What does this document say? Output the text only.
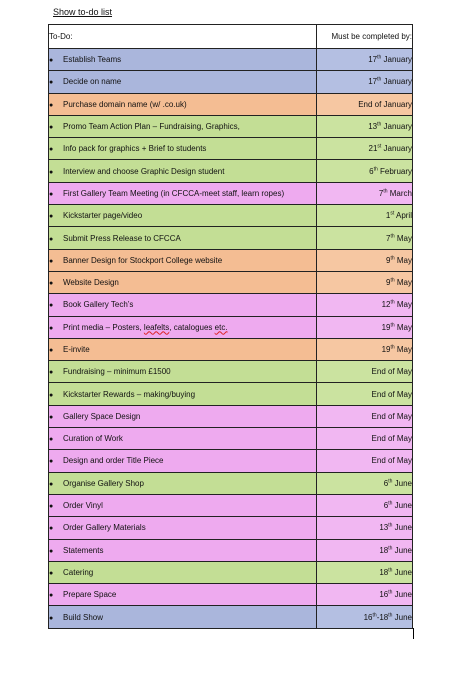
Show to-do list
To-Do:	Must be completed by:
● Establish Teams	17th January
● Decide on name	17th January
● Purchase domain name (w/ .co.uk)	End of January
● Promo Team Action Plan – Fundraising, Graphics,	13th January
● Info pack for graphics + Brief to students	21st January
● Interview and choose Graphic Design student	6th February
● First Gallery Team Meeting (in CFCCA-meet staff, learn ropes)	7th March
● Kickstarter page/video	1st April
● Submit Press Release to CFCCA	7th May
● Banner Design for Stockport College website	9th May
● Website Design	9th May
● Book Gallery Tech’s	12th May
● Print media – Posters, leafelts, catalogues etc.	19th May
● E-invite	19th May
● Fundraising – minimum £1500	End of May
● Kickstarter Rewards – making/buying	End of May
● Gallery Space Design	End of May
● Curation of Work	End of May
● Design and order Title Piece	End of May
● Organise Gallery Shop	6th June
● Order Vinyl	6th June
● Order Gallery Materials	13th June
● Statements	18th June
● Catering	18th June
● Prepare Space	16th June
● Build Show	16th-18th June
